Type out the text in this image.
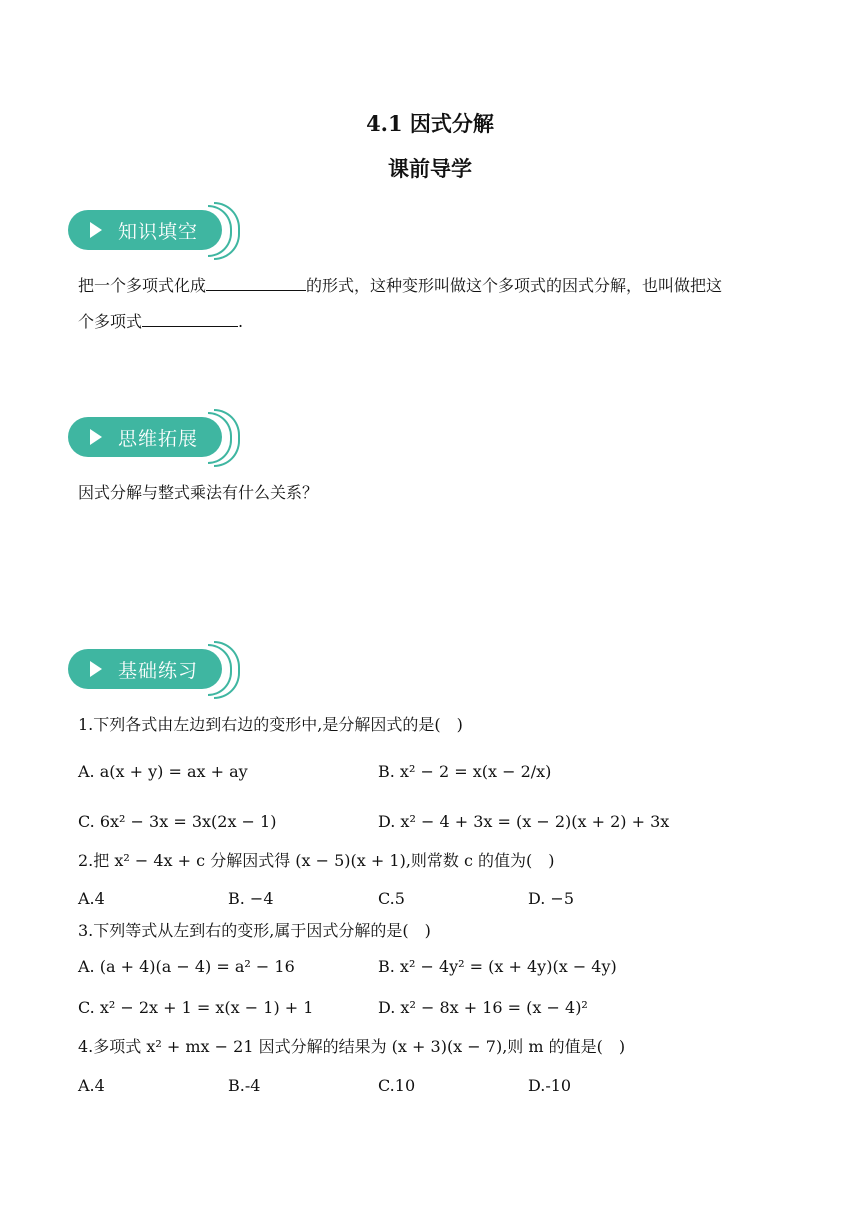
4.1 因式分解
课前导学
知识填空
把一个多项式化成	的形式，这种变形叫做这个多项式的因式分解，也叫做把这
个多项式	.
思维拓展
因式分解与整式乘法有什么关系？
基础练习
1.下列各式由左边到右边的变形中,是分解因式的是( )
A. a(x + y) = ax + ay	B. x² − 2 = x(x − 2/x)
C. 6x² − 3x = 3x(2x − 1)	D. x² − 4 + 3x = (x − 2)(x + 2) + 3x
2.把 x² − 4x + c 分解因式得 (x − 5)(x + 1),则常数 c 的值为( )
A.4	B. −4	C.5	D. −5
3.下列等式从左到右的变形,属于因式分解的是( )
A. (a + 4)(a − 4) = a² − 16	B. x² − 4y² = (x + 4y)(x − 4y)
C. x² − 2x + 1 = x(x − 1) + 1	D. x² − 8x + 16 = (x − 4)²
4.多项式 x² + mx − 21 因式分解的结果为 (x + 3)(x − 7),则 m 的值是( )
A.4	B.-4	C.10	D.-10
